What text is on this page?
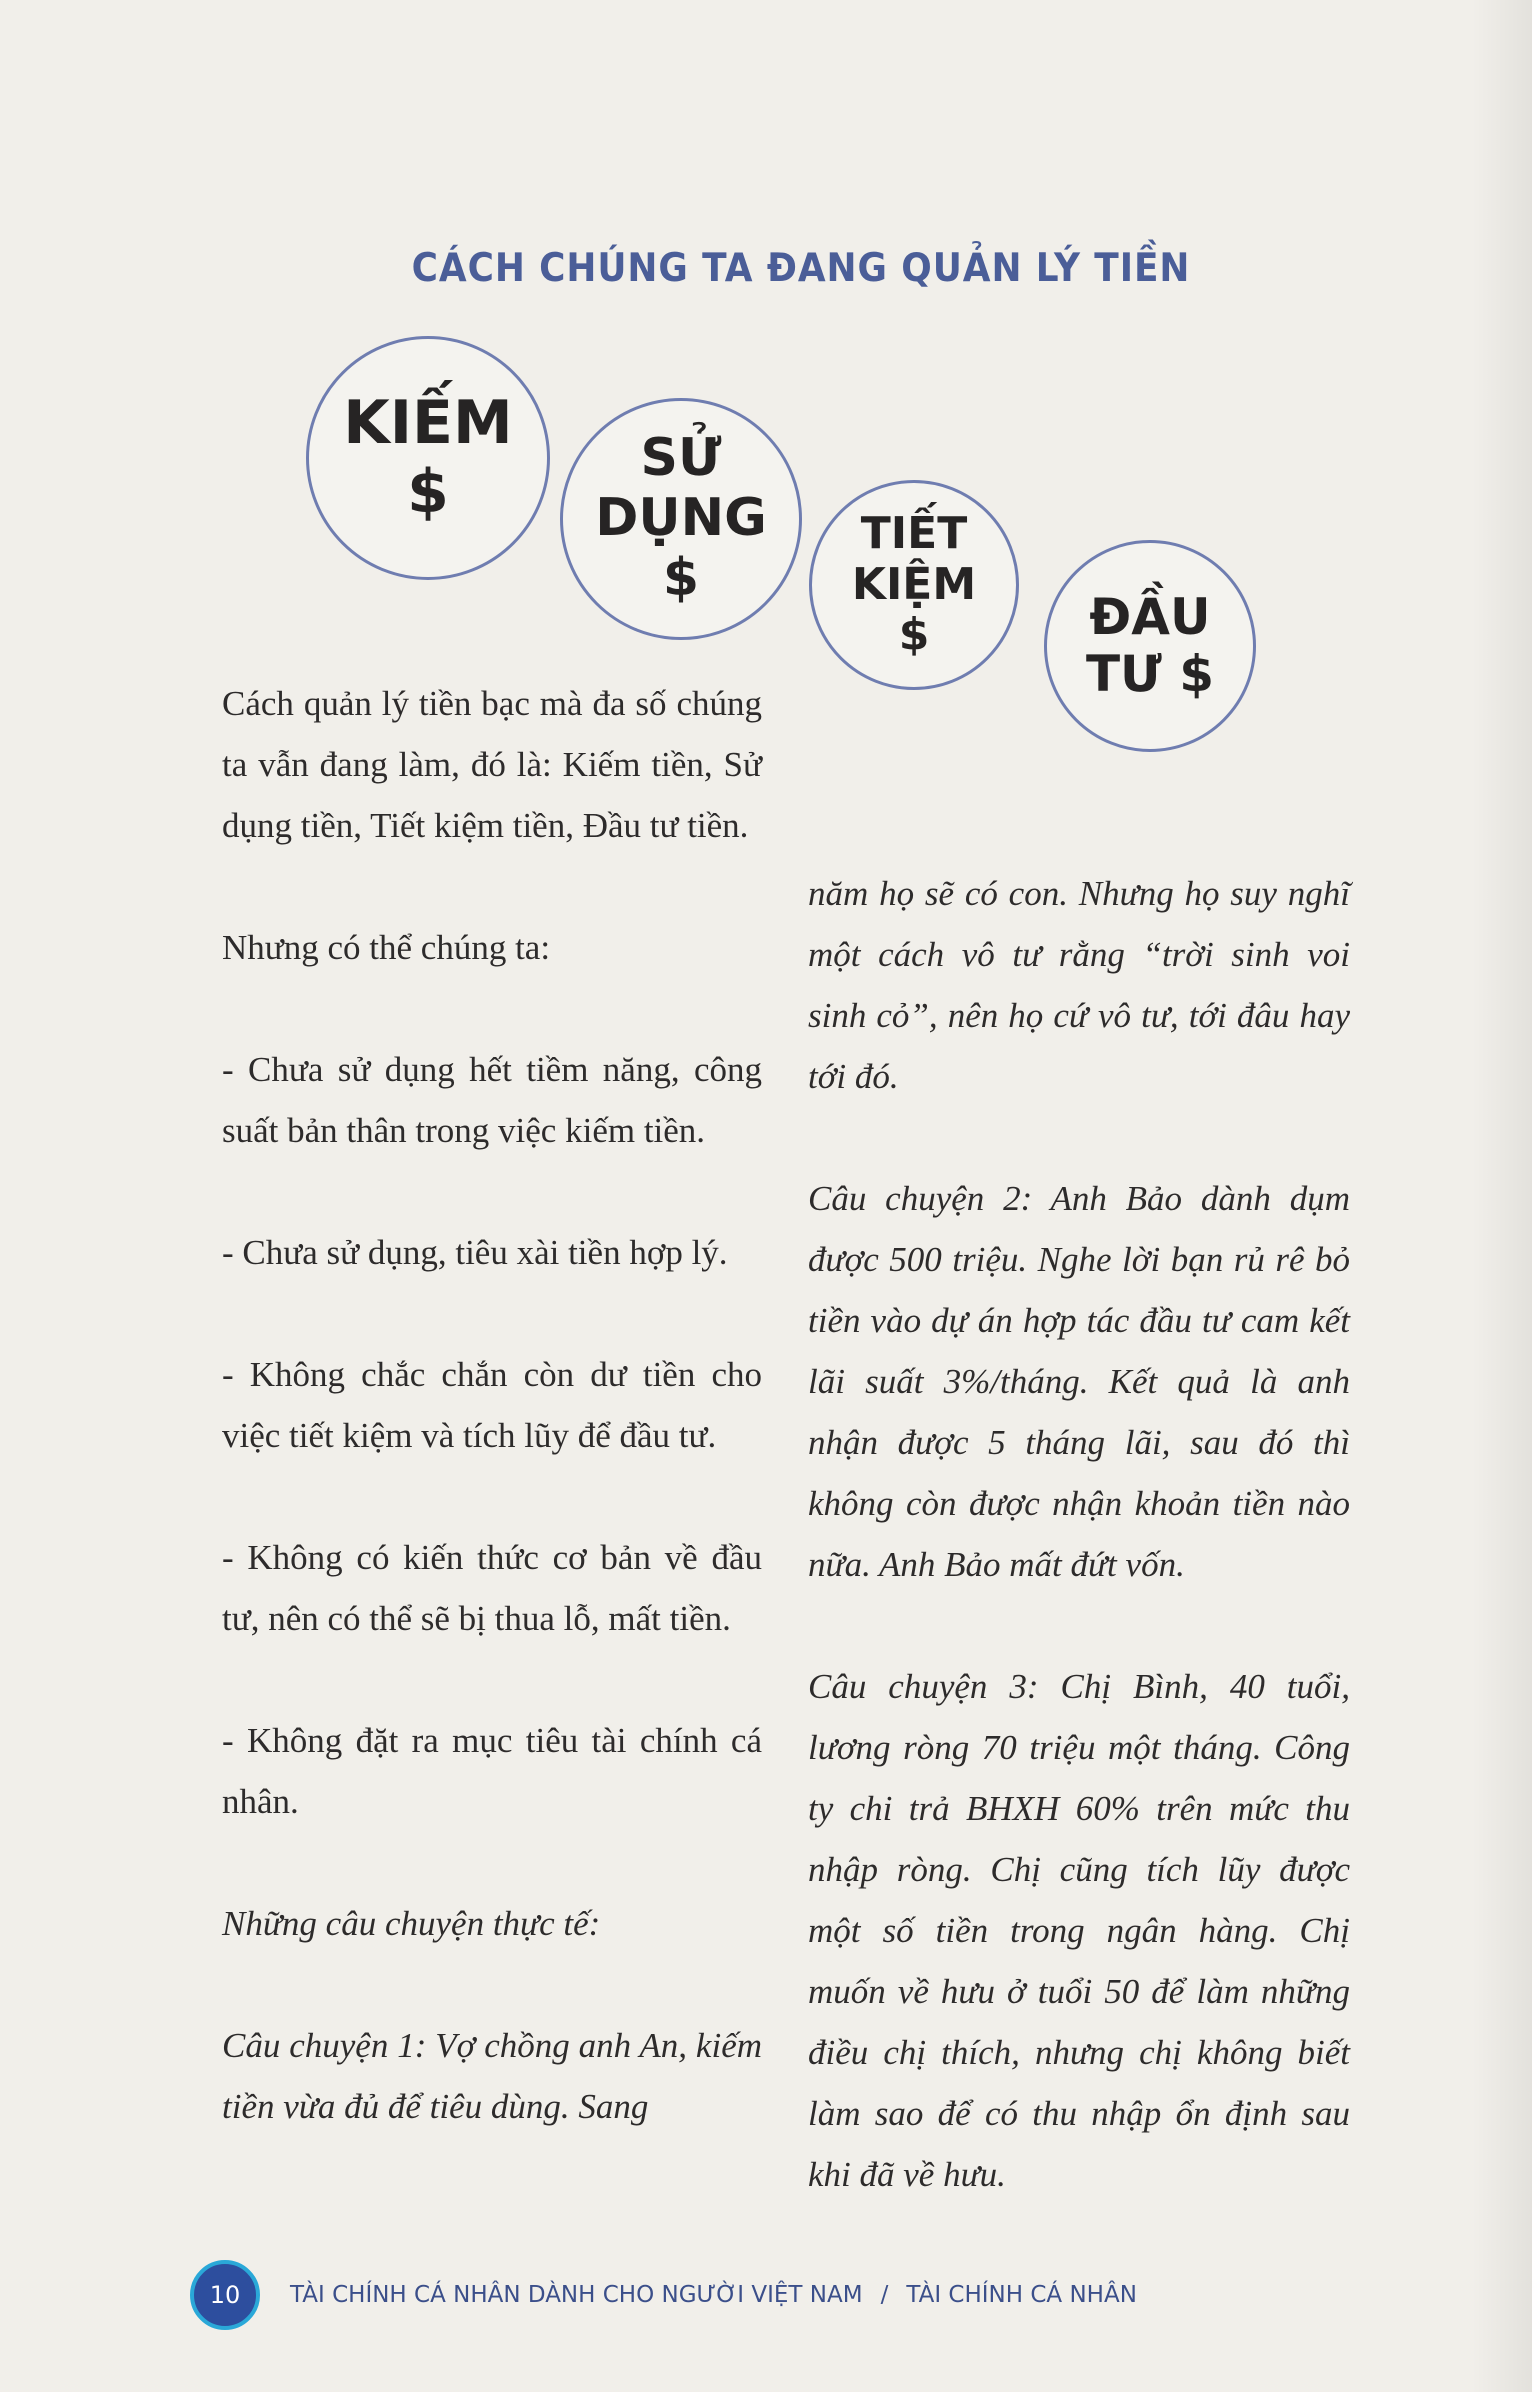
CÁCH CHÚNG TA ĐANG QUẢN LÝ TIỀN
KIẾM
$	SỬ
DỤNG
$
TIẾT
KIỆM
$	ĐẦU
TƯ $

Cách quản lý tiền bạc mà đa số chúng ta vẫn đang làm, đó là: Kiếm tiền, Sử dụng tiền, Tiết kiệm tiền, Đầu tư tiền.

Nhưng có thể chúng ta:

- Chưa sử dụng hết tiềm năng, công suất bản thân trong việc kiếm tiền.

- Chưa sử dụng, tiêu xài tiền hợp lý.

- Không chắc chắn còn dư tiền cho việc tiết kiệm và tích lũy để đầu tư.

- Không có kiến thức cơ bản về đầu tư, nên có thể sẽ bị thua lỗ, mất tiền.

- Không đặt ra mục tiêu tài chính cá nhân.

Những câu chuyện thực tế:

Câu chuyện 1: Vợ chồng anh An, kiếm tiền vừa đủ để tiêu dùng. Sang

năm họ sẽ có con. Nhưng họ suy nghĩ một cách vô tư rằng “trời sinh voi sinh cỏ”, nên họ cứ vô tư, tới đâu hay tới đó.

Câu chuyện 2: Anh Bảo dành dụm được 500 triệu. Nghe lời bạn rủ rê bỏ tiền vào dự án hợp tác đầu tư cam kết lãi suất 3%/tháng. Kết quả là anh nhận được 5 tháng lãi, sau đó thì không còn được nhận khoản tiền nào nữa. Anh Bảo mất đứt vốn.

Câu chuyện 3: Chị Bình, 40 tuổi, lương ròng 70 triệu một tháng. Công ty chi trả BHXH 60% trên mức thu nhập ròng. Chị cũng tích lũy được một số tiền trong ngân hàng. Chị muốn về hưu ở tuổi 50 để làm những điều chị thích, nhưng chị không biết làm sao để có thu nhập ổn định sau khi đã về hưu.

10 TÀI CHÍNH CÁ NHÂN DÀNH CHO NGƯỜI VIỆT NAM / TÀI CHÍNH CÁ NHÂN
